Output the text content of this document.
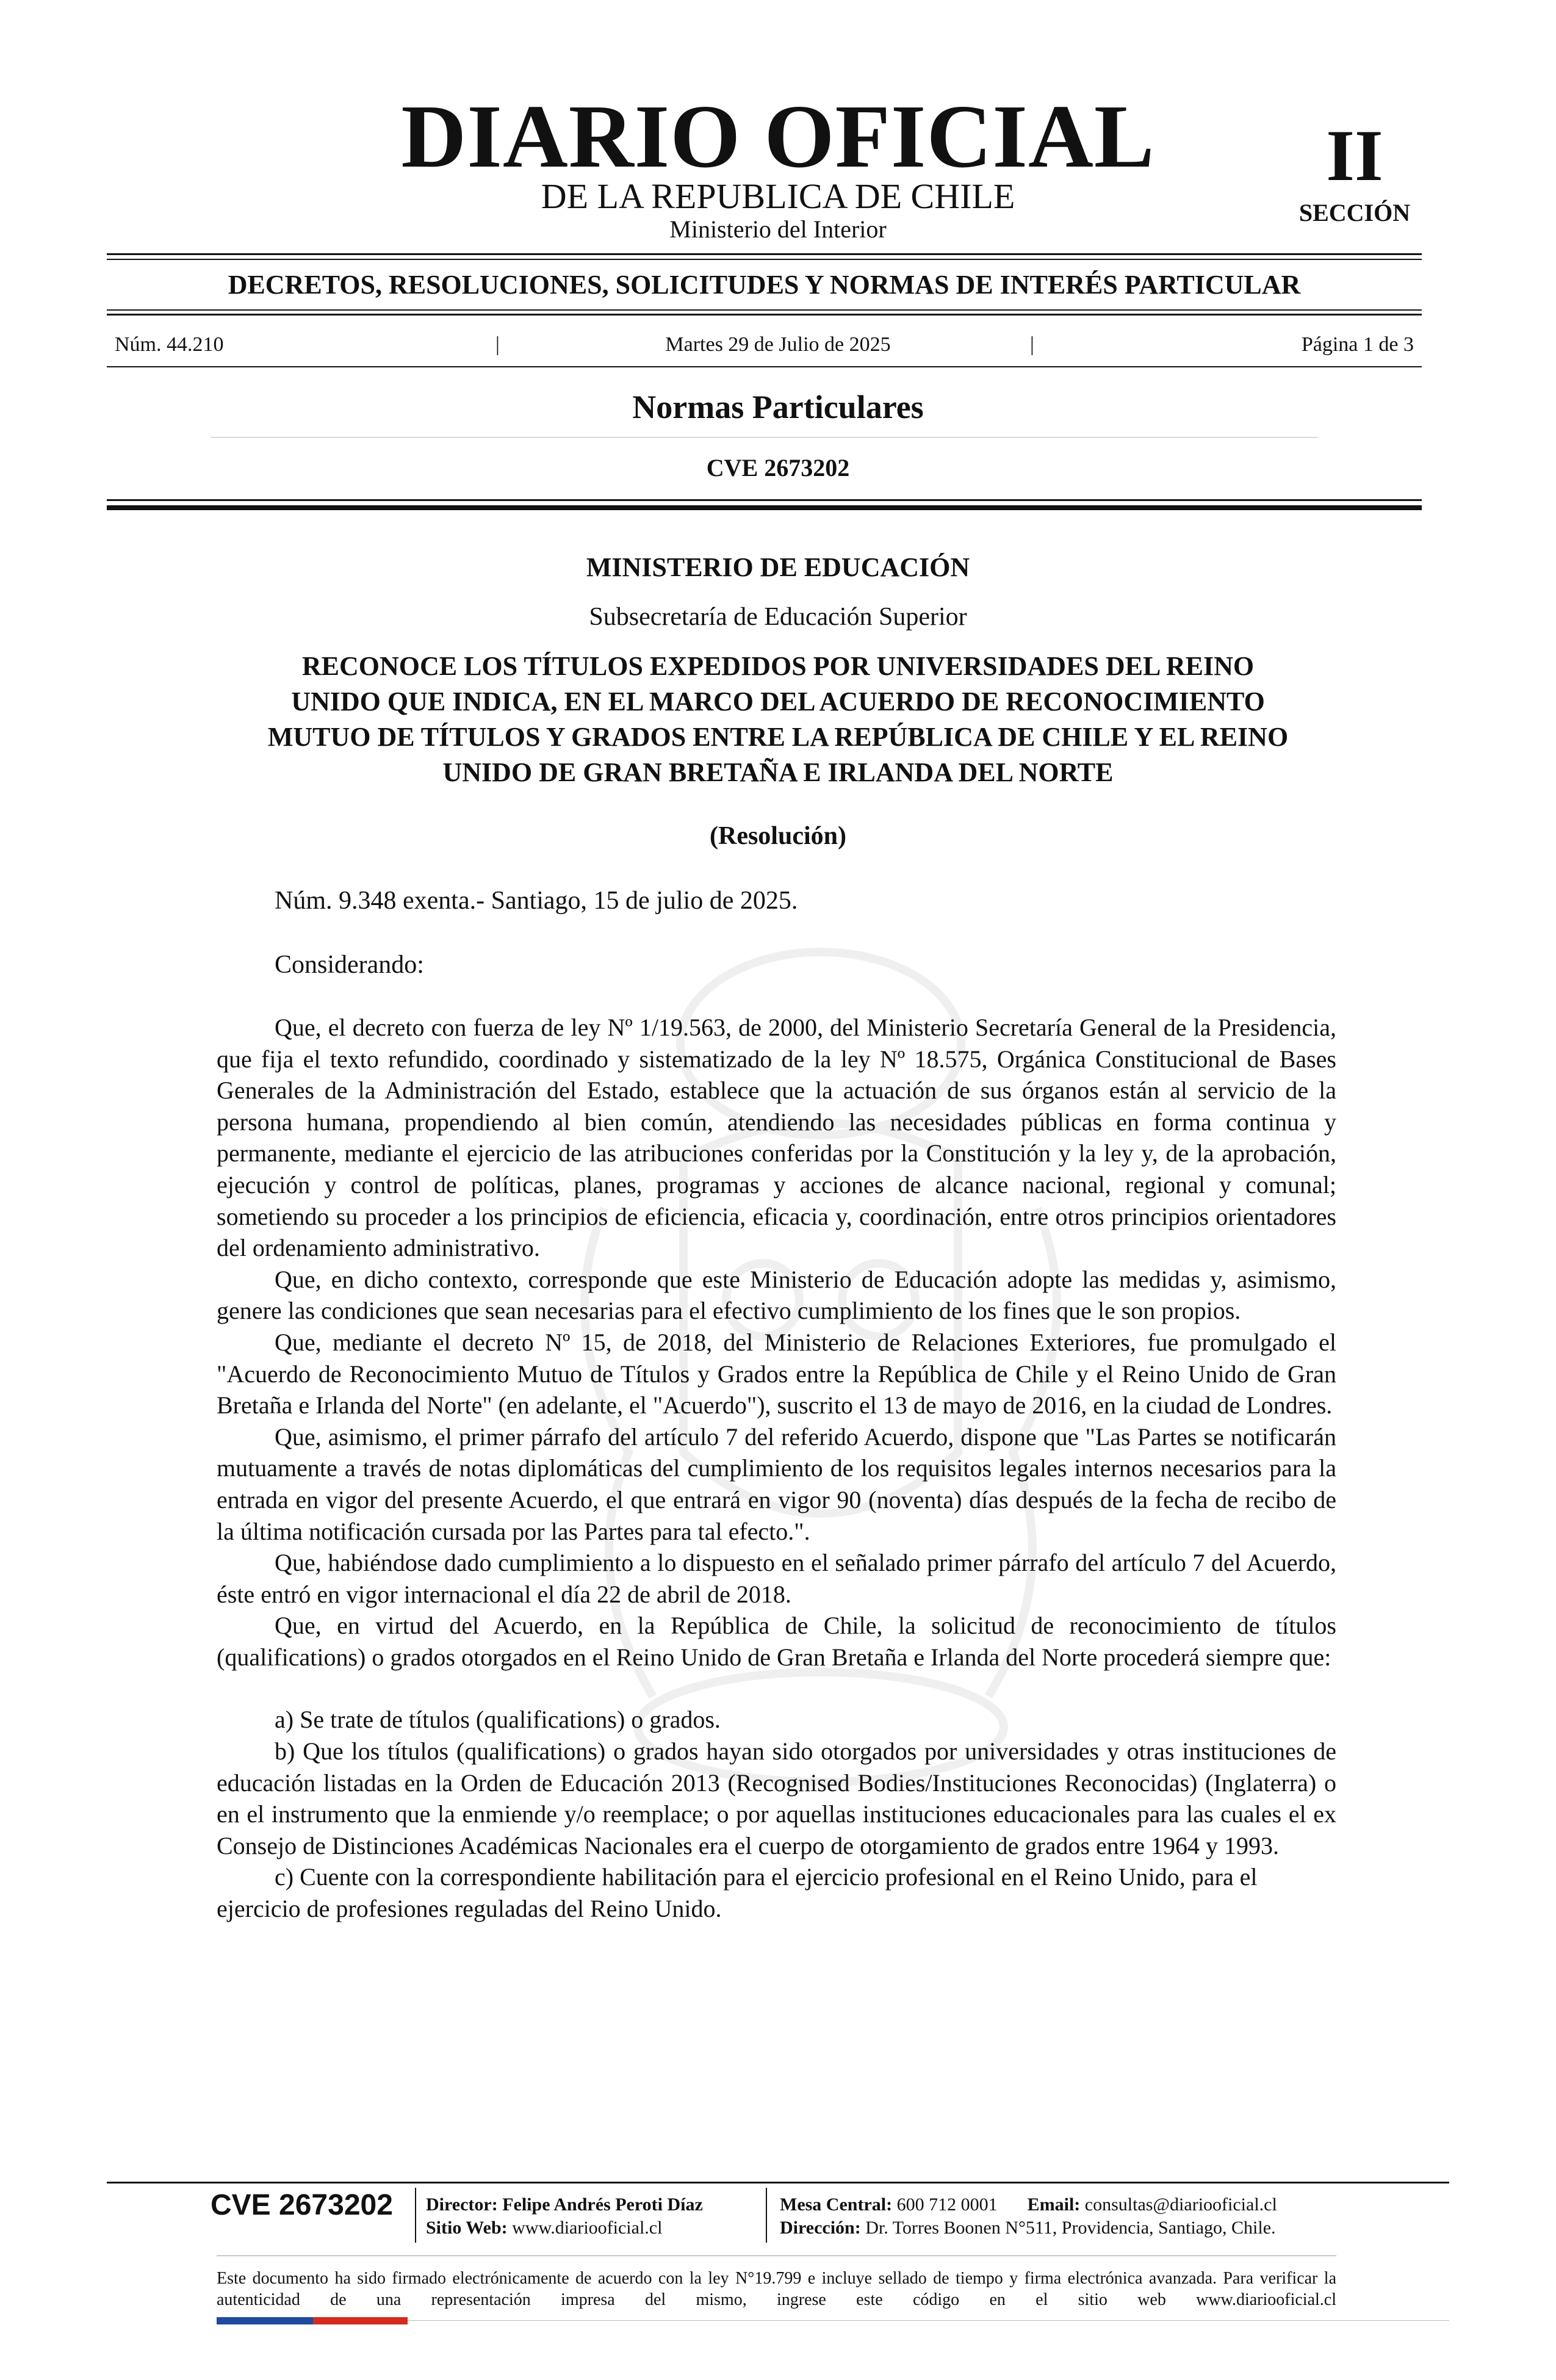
DIARIO OFICIAL
DE LA REPUBLICA DE CHILE
Ministerio del Interior
II
SECCIÓN
DECRETOS, RESOLUCIONES, SOLICITUDES Y NORMAS DE INTERÉS PARTICULAR
Núm. 44.210	|	Martes 29 de Julio de 2025	|	Página 1 de 3
Normas Particulares
CVE 2673202
MINISTERIO DE EDUCACIÓN
Subsecretaría de Educación Superior
RECONOCE LOS TÍTULOS EXPEDIDOS POR UNIVERSIDADES DEL REINO
UNIDO QUE INDICA, EN EL MARCO DEL ACUERDO DE RECONOCIMIENTO
MUTUO DE TÍTULOS Y GRADOS ENTRE LA REPÚBLICA DE CHILE Y EL REINO
UNIDO DE GRAN BRETAÑA E IRLANDA DEL NORTE
(Resolución)
Núm. 9.348 exenta.- Santiago, 15 de julio de 2025.
Considerando:

Que, el decreto con fuerza de ley Nº 1/19.563, de 2000, del Ministerio Secretaría General de la Presidencia, que fija el texto refundido, coordinado y sistematizado de la ley Nº 18.575, Orgánica Constitucional de Bases Generales de la Administración del Estado, establece que la actuación de sus órganos están al servicio de la persona humana, propendiendo al bien común, atendiendo las necesidades públicas en forma continua y permanente, mediante el ejercicio de las atribuciones conferidas por la Constitución y la ley y, de la aprobación, ejecución y control de políticas, planes, programas y acciones de alcance nacional, regional y comunal; sometiendo su proceder a los principios de eficiencia, eficacia y, coordinación, entre otros principios orientadores del ordenamiento administrativo.

Que, en dicho contexto, corresponde que este Ministerio de Educación adopte las medidas y, asimismo, genere las condiciones que sean necesarias para el efectivo cumplimiento de los fines que le son propios.

Que, mediante el decreto Nº 15, de 2018, del Ministerio de Relaciones Exteriores, fue promulgado el "Acuerdo de Reconocimiento Mutuo de Títulos y Grados entre la República de Chile y el Reino Unido de Gran Bretaña e Irlanda del Norte" (en adelante, el "Acuerdo"), suscrito el 13 de mayo de 2016, en la ciudad de Londres.

Que, asimismo, el primer párrafo del artículo 7 del referido Acuerdo, dispone que "Las Partes se notificarán mutuamente a través de notas diplomáticas del cumplimiento de los requisitos legales internos necesarios para la entrada en vigor del presente Acuerdo, el que entrará en vigor 90 (noventa) días después de la fecha de recibo de la última notificación cursada por las Partes para tal efecto.".

Que, habiéndose dado cumplimiento a lo dispuesto en el señalado primer párrafo del artículo 7 del Acuerdo, éste entró en vigor internacional el día 22 de abril de 2018.

Que, en virtud del Acuerdo, en la República de Chile, la solicitud de reconocimiento de títulos (qualifications) o grados otorgados en el Reino Unido de Gran Bretaña e Irlanda del Norte procederá siempre que:

a) Se trate de títulos (qualifications) o grados.

b) Que los títulos (qualifications) o grados hayan sido otorgados por universidades y otras instituciones de educación listadas en la Orden de Educación 2013 (Recognised Bodies/Instituciones Reconocidas) (Inglaterra) o en el instrumento que la enmiende y/o reemplace; o por aquellas instituciones educacionales para las cuales el ex Consejo de Distinciones Académicas Nacionales era el cuerpo de otorgamiento de grados entre 1964 y 1993.

c) Cuente con la correspondiente habilitación para el ejercicio profesional en el Reino Unido, para el ejercicio de profesiones reguladas del Reino Unido.

CVE 2673202 Director: Felipe Andrés Peroti Díaz
Sitio Web: www.diariooficial.cl
Mesa Central: 600 712 0001 Email: consultas@diariooficial.cl
Dirección: Dr. Torres Boonen N°511, Providencia, Santiago, Chile.
Este documento ha sido firmado electrónicamente de acuerdo con la ley N°19.799 e incluye sellado de tiempo y firma electrónica avanzada. Para verificar la autenticidad de una representación impresa del mismo, ingrese este código en el sitio web www.diariooficial.cl
